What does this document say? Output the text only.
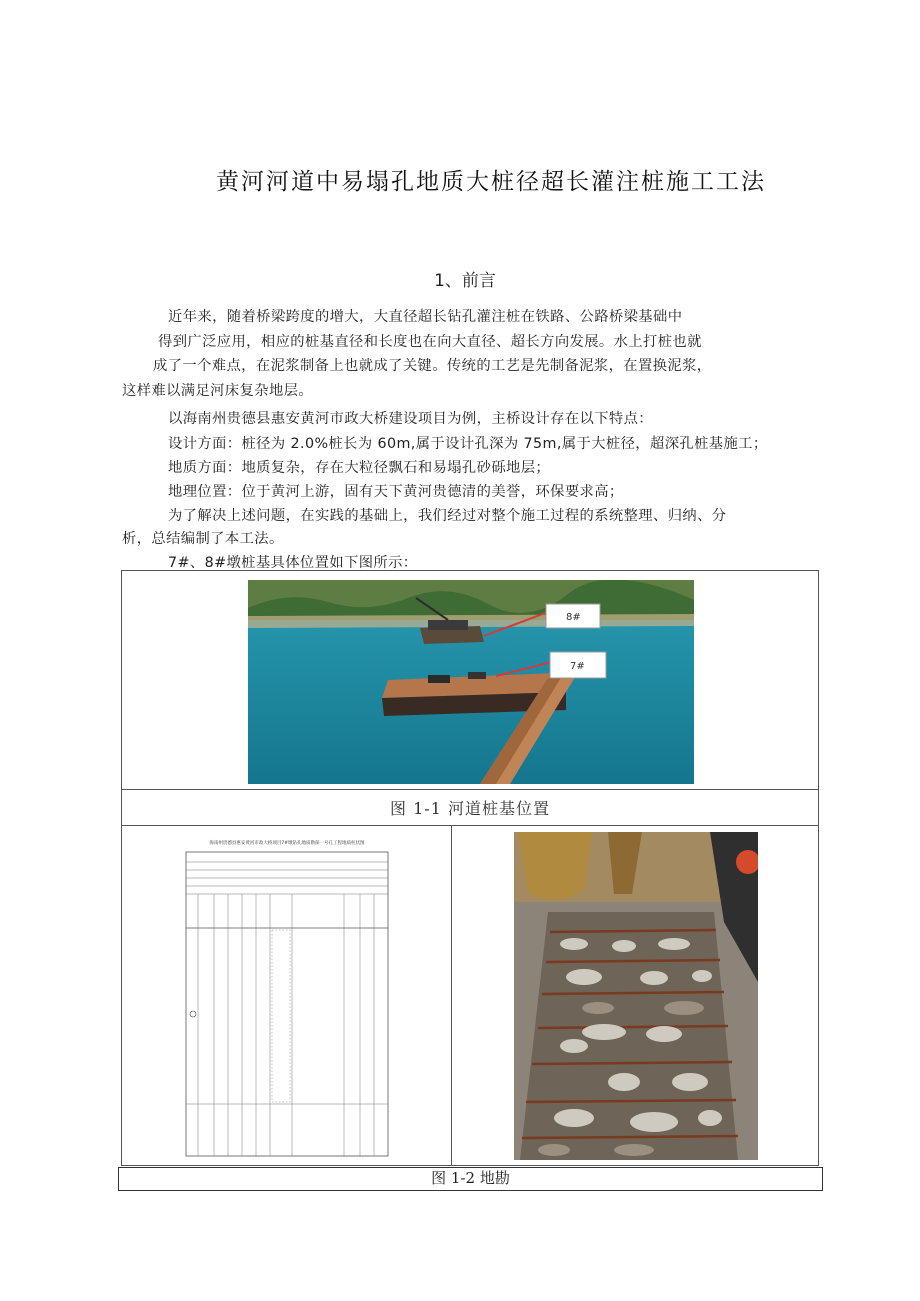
黄河河道中易塌孔地质大桩径超长灌注桩施工工法
1、前言
近年来，随着桥梁跨度的增大，大直径超长钻孔灌注桩在铁路、公路桥梁基础中
得到广泛应用，相应的桩基直径和长度也在向大直径、超长方向发展。水上打桩也就
成了一个难点，在泥浆制备上也就成了关键。传统的工艺是先制备泥浆，在置换泥浆，
这样难以满足河床复杂地层。
以海南州贵德县惠安黄河市政大桥建设项目为例，主桥设计存在以下特点：
设计方面：桩径为 2.0%桩长为 60m,属于设计孔深为 75m,属于大桩径，超深孔桩基施工；
地质方面：地质复杂，存在大粒径飘石和易塌孔砂砾地层；
地理位置：位于黄河上游，固有天下黄河贵德清的美誉，环保要求高；
为了解决上述问题，在实践的基础上，我们经过对整个施工过程的系统整理、归纳、分
析，总结编制了本工法。
7#、8#墩桩基具体位置如下图所示：
8#
7#
图 1-1 河道桩基位置
海南州贵德县惠安黄河市政大桥项目7#墩钻孔地质勘探一号孔工程地质柱状图
图 1-2 地勘
